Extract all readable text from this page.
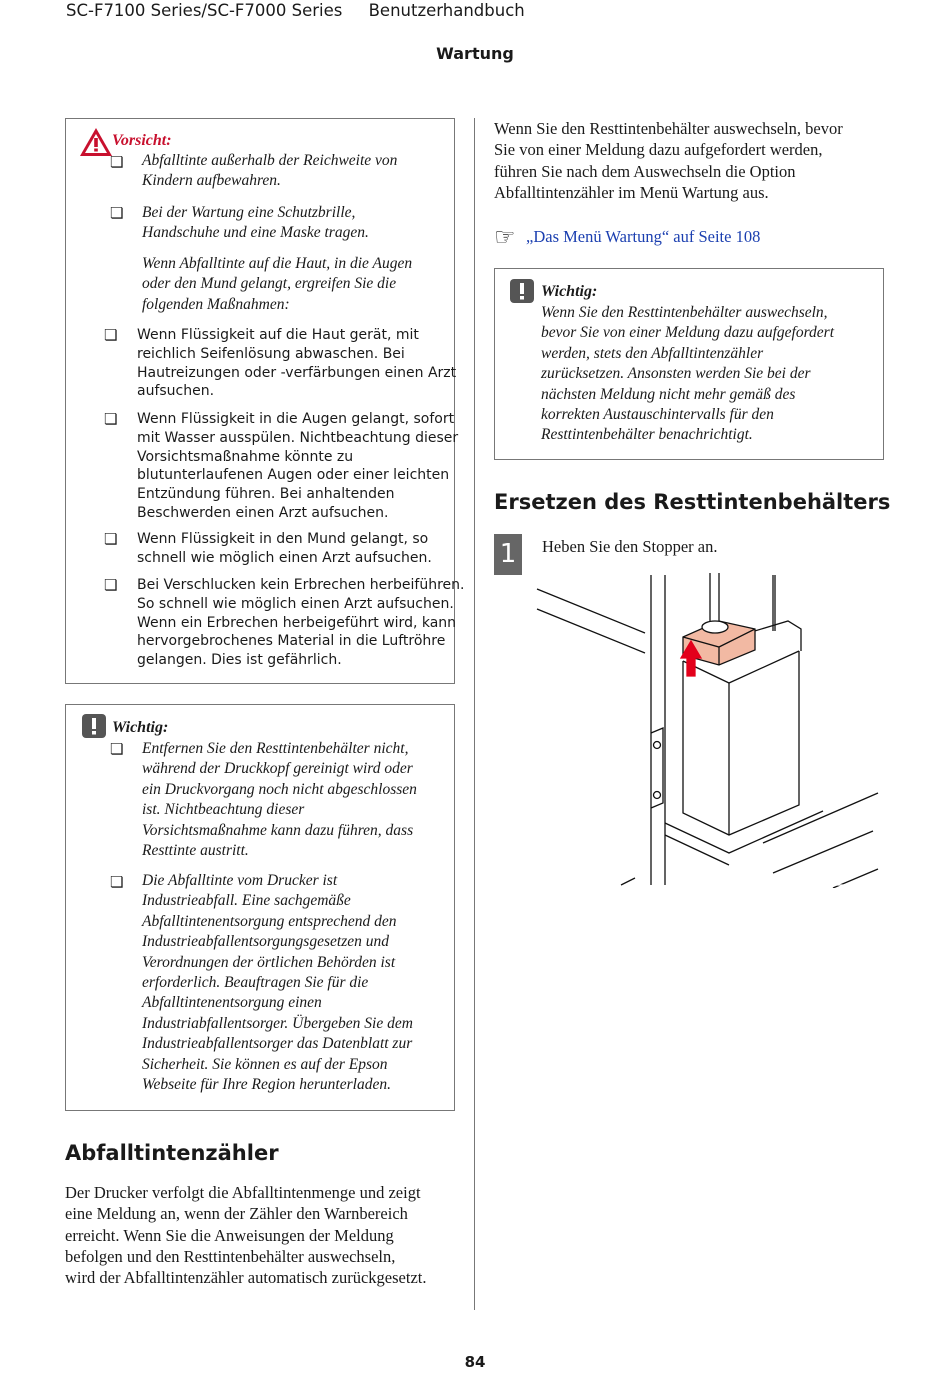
SC-F7100 Series/SC-F7000 Series     Benutzerhandbuch
Wartung
Vorsicht:
❏ Abfalltinte außerhalb der Reichweite von
Kindern aufbewahren.
❏ Bei der Wartung eine Schutzbrille,
Handschuhe und eine Maske tragen.
Wenn Abfalltinte auf die Haut, in die Augen
oder den Mund gelangt, ergreifen Sie die
folgenden Maßnahmen:
❏ Wenn Flüssigkeit auf die Haut gerät, mit
reichlich Seifenlösung abwaschen. Bei
Hautreizungen oder -verfärbungen einen Arzt
aufsuchen.
❏ Wenn Flüssigkeit in die Augen gelangt, sofort
mit Wasser ausspülen. Nichtbeachtung dieser
Vorsichtsmaßnahme könnte zu
blutunterlaufenen Augen oder einer leichten
Entzündung führen. Bei anhaltenden
Beschwerden einen Arzt aufsuchen.
❏ Wenn Flüssigkeit in den Mund gelangt, so
schnell wie möglich einen Arzt aufsuchen.
❏ Bei Verschlucken kein Erbrechen herbeiführen.
So schnell wie möglich einen Arzt aufsuchen.
Wenn ein Erbrechen herbeigeführt wird, kann
hervorgebrochenes Material in die Luftröhre
gelangen. Dies ist gefährlich.
Wichtig:
❏ Entfernen Sie den Resttintenbehälter nicht,
während der Druckkopf gereinigt wird oder
ein Druckvorgang noch nicht abgeschlossen
ist. Nichtbeachtung dieser
Vorsichtsmaßnahme kann dazu führen, dass
Resttinte austritt.
❏ Die Abfalltinte vom Drucker ist
Industrieabfall. Eine sachgemäße
Abfalltintenentsorgung entsprechend den
Industrieabfallentsorgungsgesetzen und
Verordnungen der örtlichen Behörden ist
erforderlich. Beauftragen Sie für die
Abfalltintenentsorgung einen
Industriabfallentsorger. Übergeben Sie dem
Industrieabfallentsorger das Datenblatt zur
Sicherheit. Sie können es auf der Epson
Webseite für Ihre Region herunterladen.
Abfalltintenzähler
Der Drucker verfolgt die Abfalltintenmenge und zeigt
eine Meldung an, wenn der Zähler den Warnbereich
erreicht. Wenn Sie die Anweisungen der Meldung
befolgen und den Resttintenbehälter auswechseln,
wird der Abfalltintenzähler automatisch zurückgesetzt.
Wenn Sie den Resttintenbehälter auswechseln, bevor
Sie von einer Meldung dazu aufgefordert werden,
führen Sie nach dem Auswechseln die Option
Abfalltintenzähler im Menü Wartung aus.
☞ „Das Menü Wartung“ auf Seite 108
Wichtig:
Wenn Sie den Resttintenbehälter auswechseln,
bevor Sie von einer Meldung dazu aufgefordert
werden, stets den Abfalltintenzähler
zurücksetzen. Ansonsten werden Sie bei der
nächsten Meldung nicht mehr gemäß des
korrekten Austauschintervalls für den
Resttintenbehälter benachrichtigt.
Ersetzen des Resttintenbehälters
1	Heben Sie den Stopper an.
84
